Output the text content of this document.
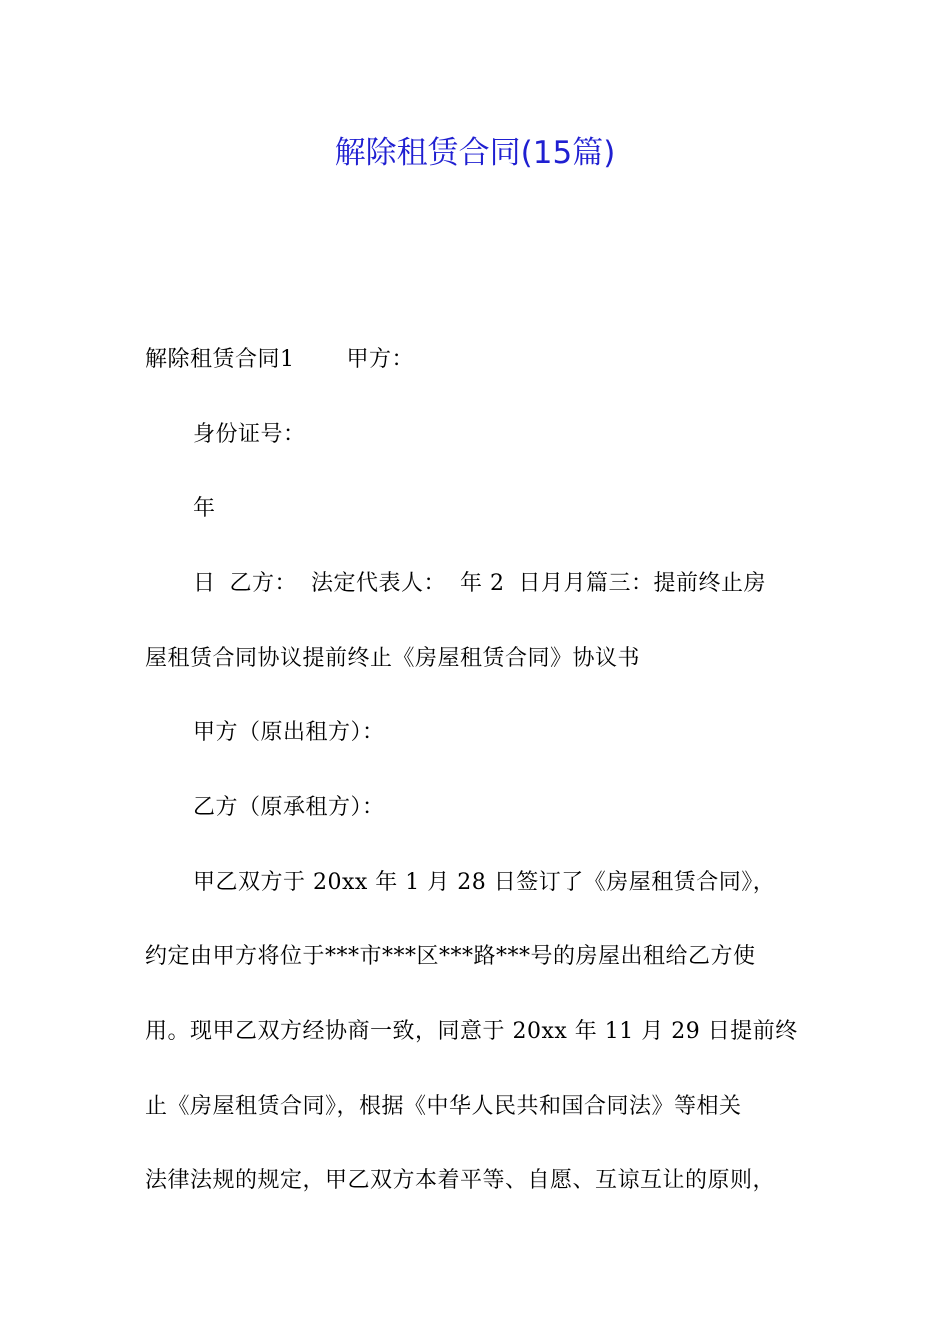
解除租赁合同(15篇)
解除租赁合同1 甲方：
身份证号：
年
日 乙方： 法定代表人： 年 2 日月月篇三：提前终止房
屋租赁合同协议提前终止《房屋租赁合同》协议书
甲方（原出租方）：
乙方（原承租方）：
甲乙双方于 20xx 年 1 月 28 日签订了《房屋租赁合同》，
约定由甲方将位于***市***区***路***号的房屋出租给乙方使
用。现甲乙双方经协商一致，同意于 20xx 年 11 月 29 日提前终
止《房屋租赁合同》，根据《中华人民共和国合同法》等相关
法律法规的规定，甲乙双方本着平等、自愿、互谅互让的原则，
